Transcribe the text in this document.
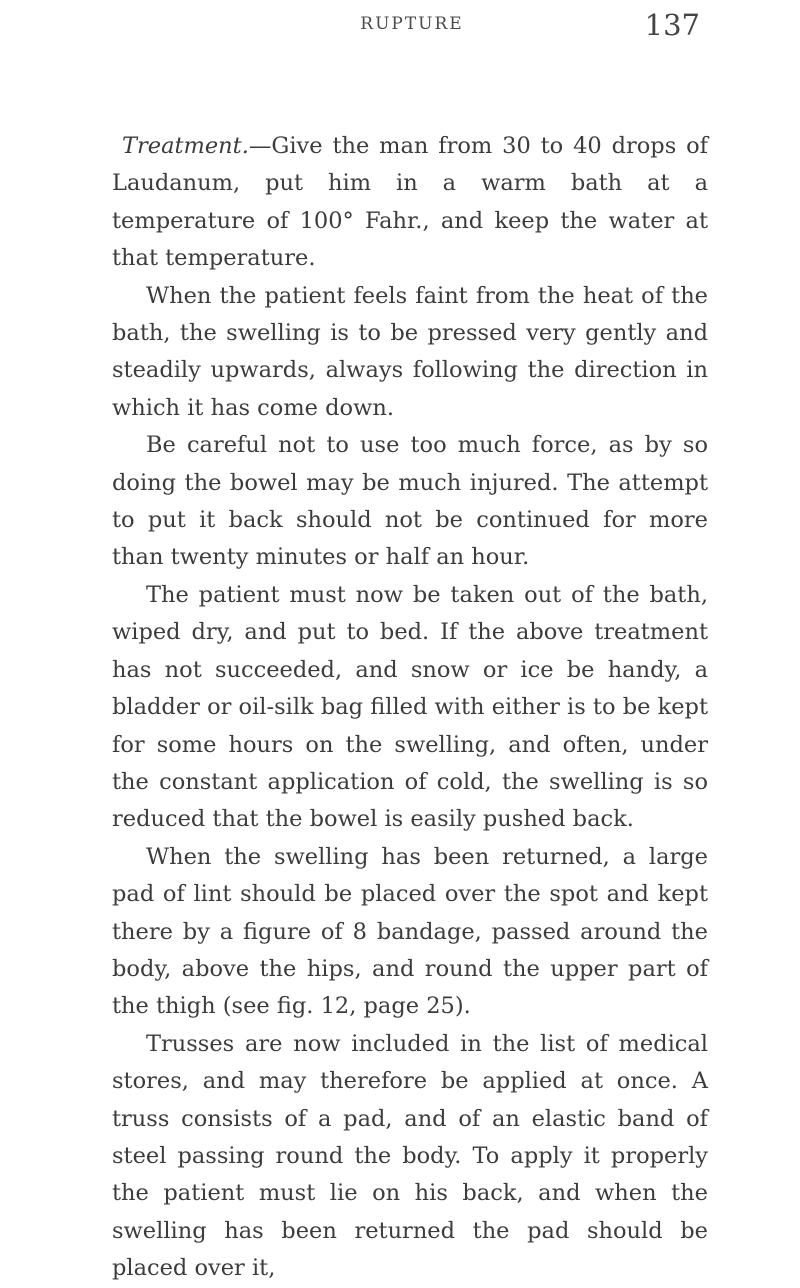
RUPTURE	137

Treatment.—Give the man from 30 to 40 drops of Laudanum, put him in a warm bath at a temperature of 100° Fahr., and keep the water at that temperature.

When the patient feels faint from the heat of the bath, the swelling is to be pressed very gently and steadily upwards, always following the direction in which it has come down.

Be careful not to use too much force, as by so doing the bowel may be much injured. The attempt to put it back should not be continued for more than twenty minutes or half an hour.

The patient must now be taken out of the bath, wiped dry, and put to bed. If the above treatment has not succeeded, and snow or ice be handy, a bladder or oil-silk bag filled with either is to be kept for some hours on the swelling, and often, under the constant application of cold, the swelling is so reduced that the bowel is easily pushed back.

When the swelling has been returned, a large pad of lint should be placed over the spot and kept there by a figure of 8 bandage, passed around the body, above the hips, and round the upper part of the thigh (see fig. 12, page 25).

Trusses are now included in the list of medical stores, and may therefore be applied at once. A truss consists of a pad, and of an elastic band of steel passing round the body. To apply it properly the patient must lie on his back, and when the swelling has been returned the pad should be placed over it,
